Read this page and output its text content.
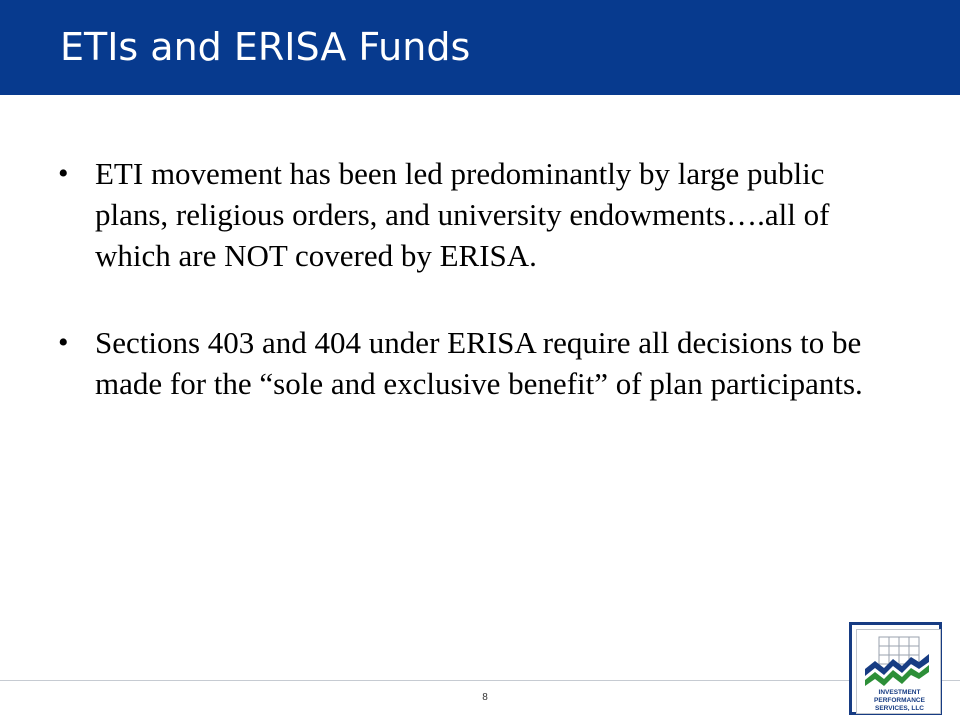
ETIs and ERISA Funds
• ETI movement has been led predominantly by large public plans, religious orders, and university endowments….all of which are NOT covered by ERISA.
• Sections 403 and 404 under ERISA require all decisions to be made for the “sole and exclusive benefit” of plan participants.
8	INVESTMENT
PERFORMANCE
SERVICES, LLC
